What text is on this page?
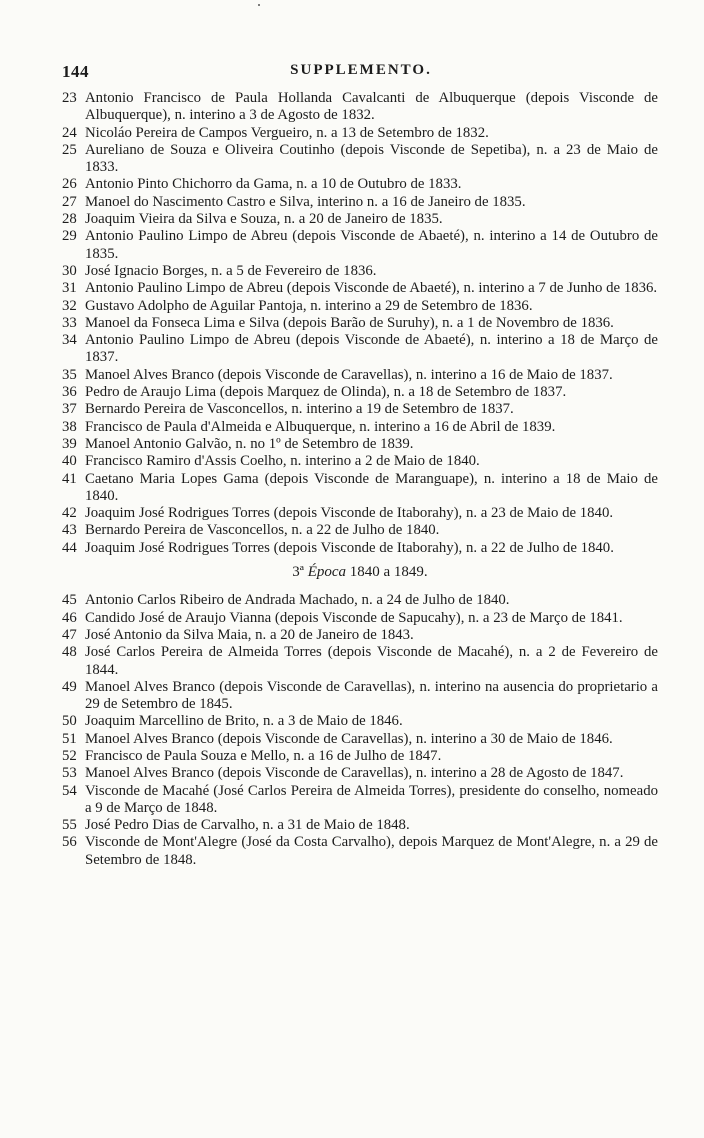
144	SUPPLEMENTO.
23 Antonio Francisco de Paula Hollanda Cavalcanti de Albuquerque (depois Visconde de Albuquerque), n. interino a 3 de Agosto de 1832.
24 Nicoláo Pereira de Campos Vergueiro, n. a 13 de Setembro de 1832.
25 Aureliano de Souza e Oliveira Coutinho (depois Visconde de Sepetiba), n. a 23 de Maio de 1833.
26 Antonio Pinto Chichorro da Gama, n. a 10 de Outubro de 1833.
27 Manoel do Nascimento Castro e Silva, interino n. a 16 de Janeiro de 1835.
28 Joaquim Vieira da Silva e Souza, n. a 20 de Janeiro de 1835.
29 Antonio Paulino Limpo de Abreu (depois Visconde de Abaeté), n. interino a 14 de Outubro de 1835.
30 José Ignacio Borges, n. a 5 de Fevereiro de 1836.
31 Antonio Paulino Limpo de Abreu (depois Visconde de Abaeté), n. interino a 7 de Junho de 1836.
32 Gustavo Adolpho de Aguilar Pantoja, n. interino a 29 de Setembro de 1836.
33 Manoel da Fonseca Lima e Silva (depois Barão de Suruhy), n. a 1 de Novembro de 1836.
34 Antonio Paulino Limpo de Abreu (depois Visconde de Abaeté), n. interino a 18 de Março de 1837.
35 Manoel Alves Branco (depois Visconde de Caravellas), n. interino a 16 de Maio de 1837.
36 Pedro de Araujo Lima (depois Marquez de Olinda), n. a 18 de Setembro de 1837.
37 Bernardo Pereira de Vasconcellos, n. interino a 19 de Setembro de 1837.
38 Francisco de Paula d'Almeida e Albuquerque, n. interino a 16 de Abril de 1839.
39 Manoel Antonio Galvão, n. no 1º de Setembro de 1839.
40 Francisco Ramiro d'Assis Coelho, n. interino a 2 de Maio de 1840.
41 Caetano Maria Lopes Gama (depois Visconde de Maranguape), n. interino a 18 de Maio de 1840.
42 Joaquim José Rodrigues Torres (depois Visconde de Itaborahy), n. a 23 de Maio de 1840.
43 Bernardo Pereira de Vasconcellos, n. a 22 de Julho de 1840.
44 Joaquim José Rodrigues Torres (depois Visconde de Itaborahy), n. a 22 de Julho de 1840.
3ª Época 1840 a 1849.
45 Antonio Carlos Ribeiro de Andrada Machado, n. a 24 de Julho de 1840.
46 Candido José de Araujo Vianna (depois Visconde de Sapucahy), n. a 23 de Março de 1841.
47 José Antonio da Silva Maia, n. a 20 de Janeiro de 1843.
48 José Carlos Pereira de Almeida Torres (depois Visconde de Macahé), n. a 2 de Fevereiro de 1844.
49 Manoel Alves Branco (depois Visconde de Caravellas), n. interino na ausencia do proprietario a 29 de Setembro de 1845.
50 Joaquim Marcellino de Brito, n. a 3 de Maio de 1846.
51 Manoel Alves Branco (depois Visconde de Caravellas), n. interino a 30 de Maio de 1846.
52 Francisco de Paula Souza e Mello, n. a 16 de Julho de 1847.
53 Manoel Alves Branco (depois Visconde de Caravellas), n. interino a 28 de Agosto de 1847.
54 Visconde de Macahé (José Carlos Pereira de Almeida Torres), presidente do conselho, nomeado a 9 de Março de 1848.
55 José Pedro Dias de Carvalho, n. a 31 de Maio de 1848.
56 Visconde de Mont'Alegre (José da Costa Carvalho), depois Marquez de Mont'Alegre, n. a 29 de Setembro de 1848.
